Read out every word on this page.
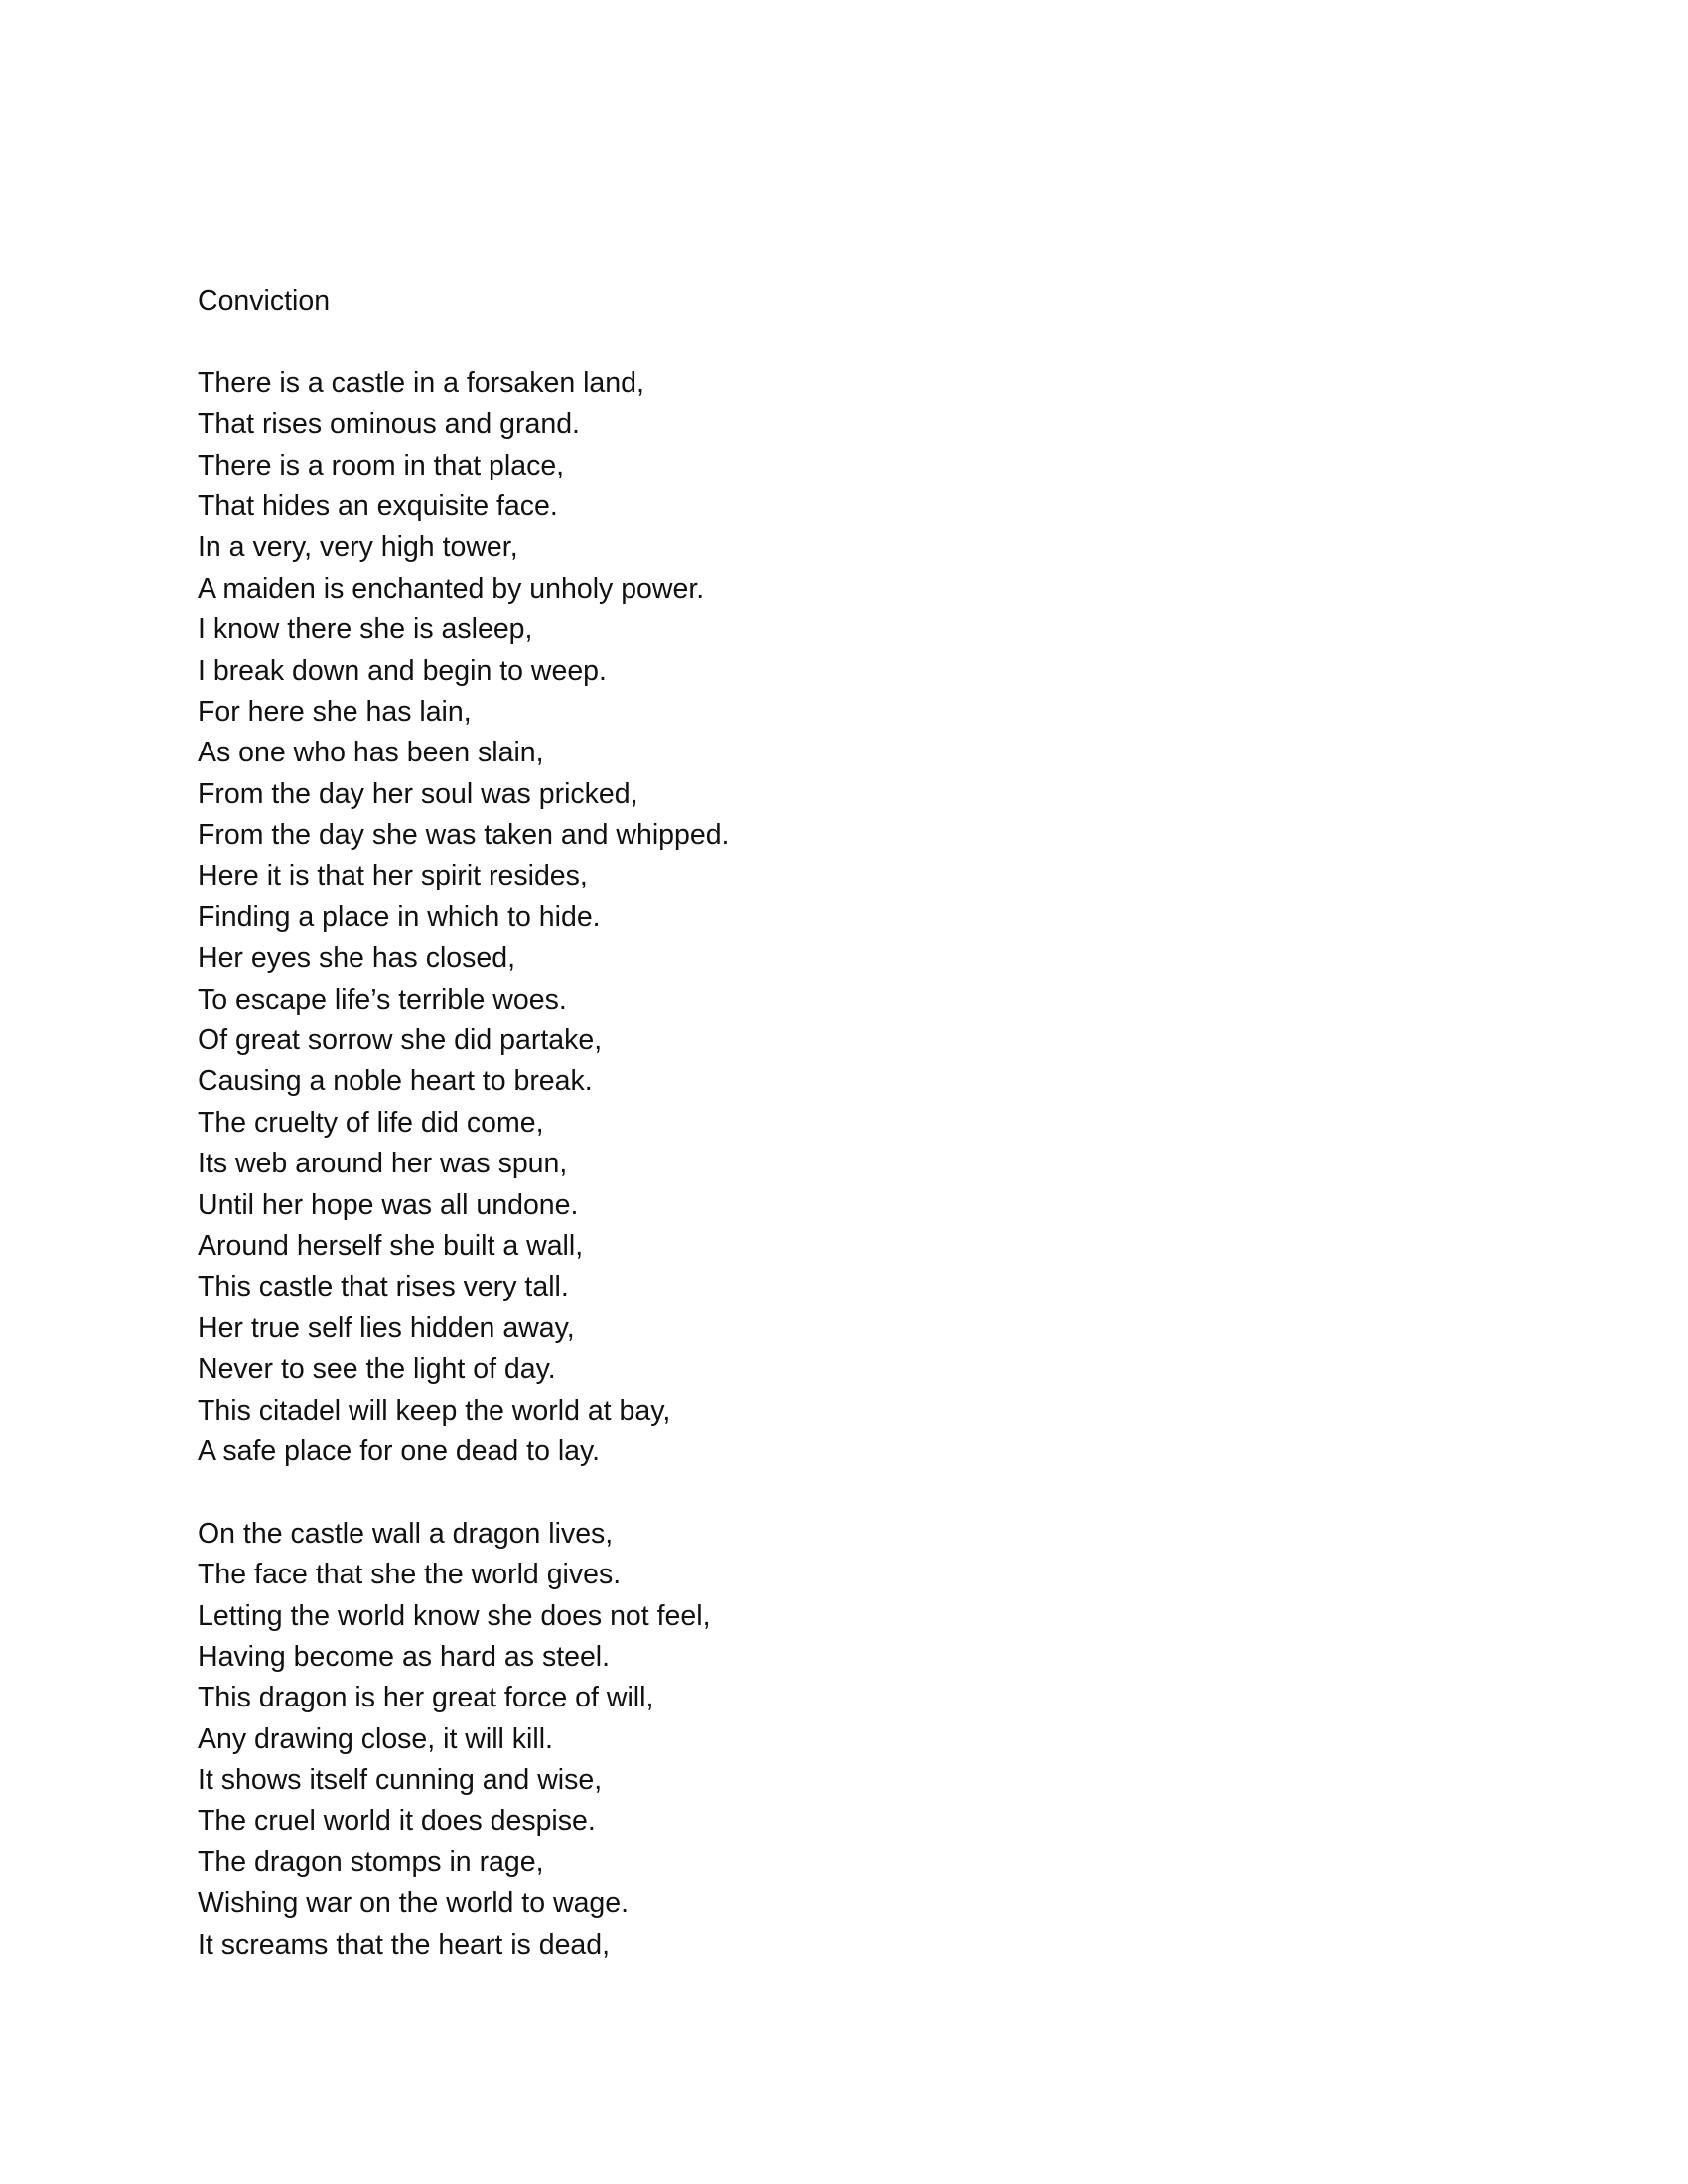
Conviction
There is a castle in a forsaken land,
That rises ominous and grand.
There is a room in that place,
That hides an exquisite face.
In a very, very high tower,
A maiden is enchanted by unholy power.
I know there she is asleep,
I break down and begin to weep.
For here she has lain,
As one who has been slain,
From the day her soul was pricked,
From the day she was taken and whipped.
Here it is that her spirit resides,
Finding a place in which to hide.
Her eyes she has closed,
To escape life’s terrible woes.
Of great sorrow she did partake,
Causing a noble heart to break.
The cruelty of life did come,
Its web around her was spun,
Until her hope was all undone.
Around herself she built a wall,
This castle that rises very tall.
Her true self lies hidden away,
Never to see the light of day.
This citadel will keep the world at bay,
A safe place for one dead to lay.
On the castle wall a dragon lives,
The face that she the world gives.
Letting the world know she does not feel,
Having become as hard as steel.
This dragon is her great force of will,
Any drawing close, it will kill.
It shows itself cunning and wise,
The cruel world it does despise.
The dragon stomps in rage,
Wishing war on the world to wage.
It screams that the heart is dead,
